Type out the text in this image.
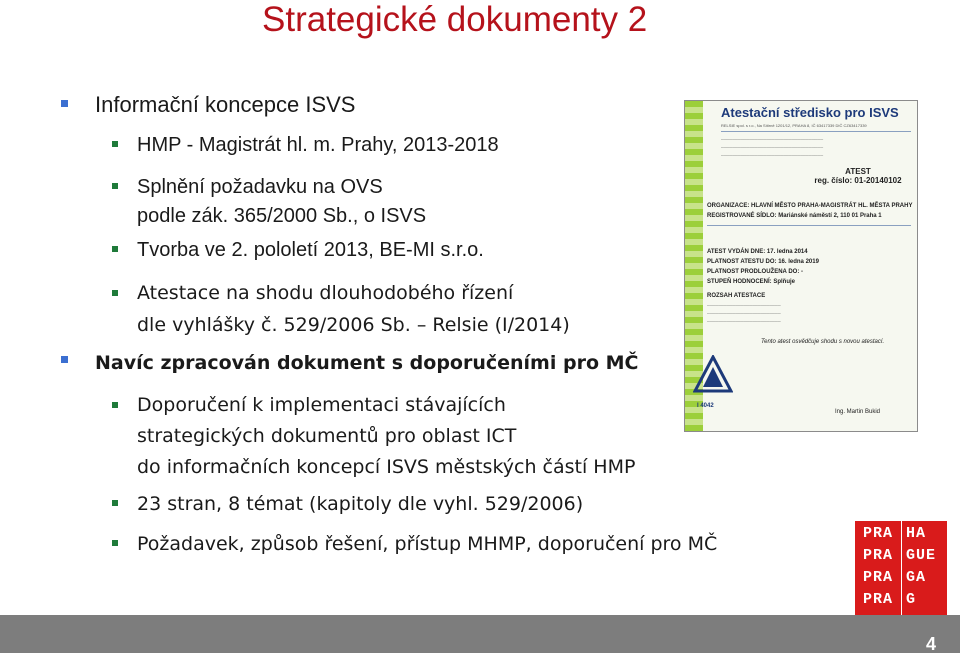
Strategické dokumenty 2
Informační koncepce ISVS
HMP - Magistrát hl. m. Prahy, 2013-2018
Splnění požadavku na OVS
podle zák. 365/2000 Sb., o ISVS
Tvorba ve 2. pololetí 2013, BE-MI s.r.o.
Atestace na shodu dlouhodobého řízení
dle vyhlášky č. 529/2006 Sb. – Relsie (I/2014)
Navíc zpracován dokument s doporučeními pro MČ
Doporučení k implementaci stávajících
strategických dokumentů pro oblast ICT
do informačních koncepcí ISVS městských částí HMP
23 stran, 8 témat (kapitoly dle vyhl. 529/2006)
Požadavek, způsob řešení, přístup MHMP, doporučení pro MČ
Atestační středisko pro ISVS
RELSIE spol. s r.o., Na Sítirně 1201/12, PRAHA 8, IČ 63417339 DIČ CZ63417339
────────────────────────────────────
────────────────────────────────────
────────────────────────────────────
ATEST
reg. číslo: 01-20140102
ORGANIZACE: HLAVNÍ MĚSTO PRAHA-MAGISTRÁT HL. MĚSTA PRAHY
REGISTROVANÉ SÍDLO: Mariánské náměstí 2, 110 01 Praha 1
ATEST VYDÁN DNE: 17. ledna 2014
PLATNOST ATESTU DO: 16. ledna 2019
PLATNOST PRODLOUŽENA DO: -
STUPEŇ HODNOCENÍ: Splňuje
ROZSAH ATESTACE
──────────────────────────
──────────────────────────
──────────────────────────
Tento atest osvědčuje shodu s novou atestací.
I 4042
Ing. Martin Bukid
PRA
PRA
PRA
PRA
HA
GUE
GA
G
4
